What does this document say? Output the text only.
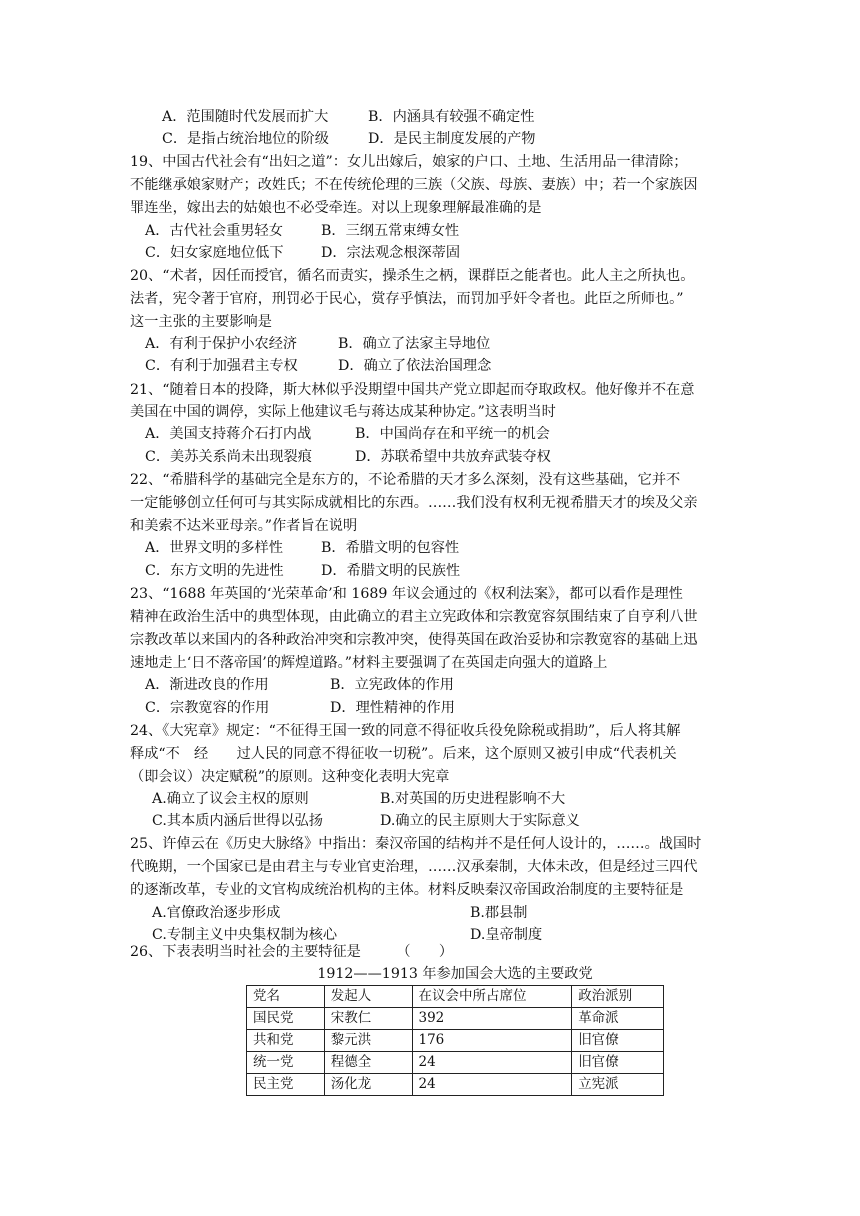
A．范围随时代发展而扩大	B．内涵具有较强不确定性
C．是指占统治地位的阶级	D．是民主制度发展的产物
19、中国古代社会有“出妇之道”：女儿出嫁后，娘家的户口、土地、生活用品一律清除；
不能继承娘家财产；改姓氏；不在传统伦理的三族（父族、母族、妻族）中；若一个家族因
罪连坐，嫁出去的姑娘也不必受牵连。对以上现象理解最准确的是
A．古代社会重男轻女	B．三纲五常束缚女性
C．妇女家庭地位低下	D．宗法观念根深蒂固
20、“术者，因任而授官，循名而责实，操杀生之柄，课群臣之能者也。此人主之所执也。
法者，宪令著于官府，刑罚必于民心，赏存乎慎法，而罚加乎奸令者也。此臣之所师也。”
这一主张的主要影响是
A．有利于保护小农经济	B．确立了法家主导地位
C．有利于加强君主专权	D．确立了依法治国理念
21、“随着日本的投降，斯大林似乎没期望中国共产党立即起而夺取政权。他好像并不在意
美国在中国的调停，实际上他建议毛与蒋达成某种协定。”这表明当时
A．美国支持蒋介石打内战	B．中国尚存在和平统一的机会
C．美苏关系尚未出现裂痕	D．苏联希望中共放弃武装夺权
22、“希腊科学的基础完全是东方的，不论希腊的天才多么深刻，没有这些基础，它并不
一定能够创立任何可与其实际成就相比的东西。……我们没有权利无视希腊天才的埃及父亲
和美索不达米亚母亲。”作者旨在说明
A．世界文明的多样性	B．希腊文明的包容性
C．东方文明的先进性	D．希腊文明的民族性
23、“1688 年英国的‘光荣革命’和 1689 年议会通过的《权利法案》，都可以看作是理性
精神在政治生活中的典型体现，由此确立的君主立宪政体和宗教宽容氛围结束了自亨利八世
宗教改革以来国内的各种政治冲突和宗教冲突，使得英国在政治妥协和宗教宽容的基础上迅
速地走上‘日不落帝国’的辉煌道路。”材料主要强调了在英国走向强大的道路上
A．渐进改良的作用	B．立宪政体的作用
C．宗教宽容的作用	D．理性精神的作用
24、《大宪章》规定：“不征得王国一致的同意不得征收兵役免除税或捐助”，后人将其解
释成“不　经　　过人民的同意不得征收一切税”。后来，这个原则又被引申成“代表机关
（即会议）决定赋税”的原则。这种变化表明大宪章
A.确立了议会主权的原则	B.对英国的历史进程影响不大
C.其本质内涵后世得以弘扬	D.确立的民主原则大于实际意义
25、许倬云在《历史大脉络》中指出：秦汉帝国的结构并不是任何人设计的，……。战国时
代晚期，一个国家已是由君主与专业官吏治理，……汉承秦制，大体未改，但是经过三四代
的逐渐改革，专业的文官构成统治机构的主体。材料反映秦汉帝国政治制度的主要特征是
A.官僚政治逐步形成	B.郡县制
C.专制主义中央集权制为核心	D.皇帝制度
26、下表表明当时社会的主要特征是　　　（　　）
1912——1913 年参加国会大选的主要政党
党名	发起人	在议会中所占席位	政治派别
国民党	宋教仁	392	革命派
共和党	黎元洪	176	旧官僚
统一党	程德全	24	旧官僚
民主党	汤化龙	24	立宪派
